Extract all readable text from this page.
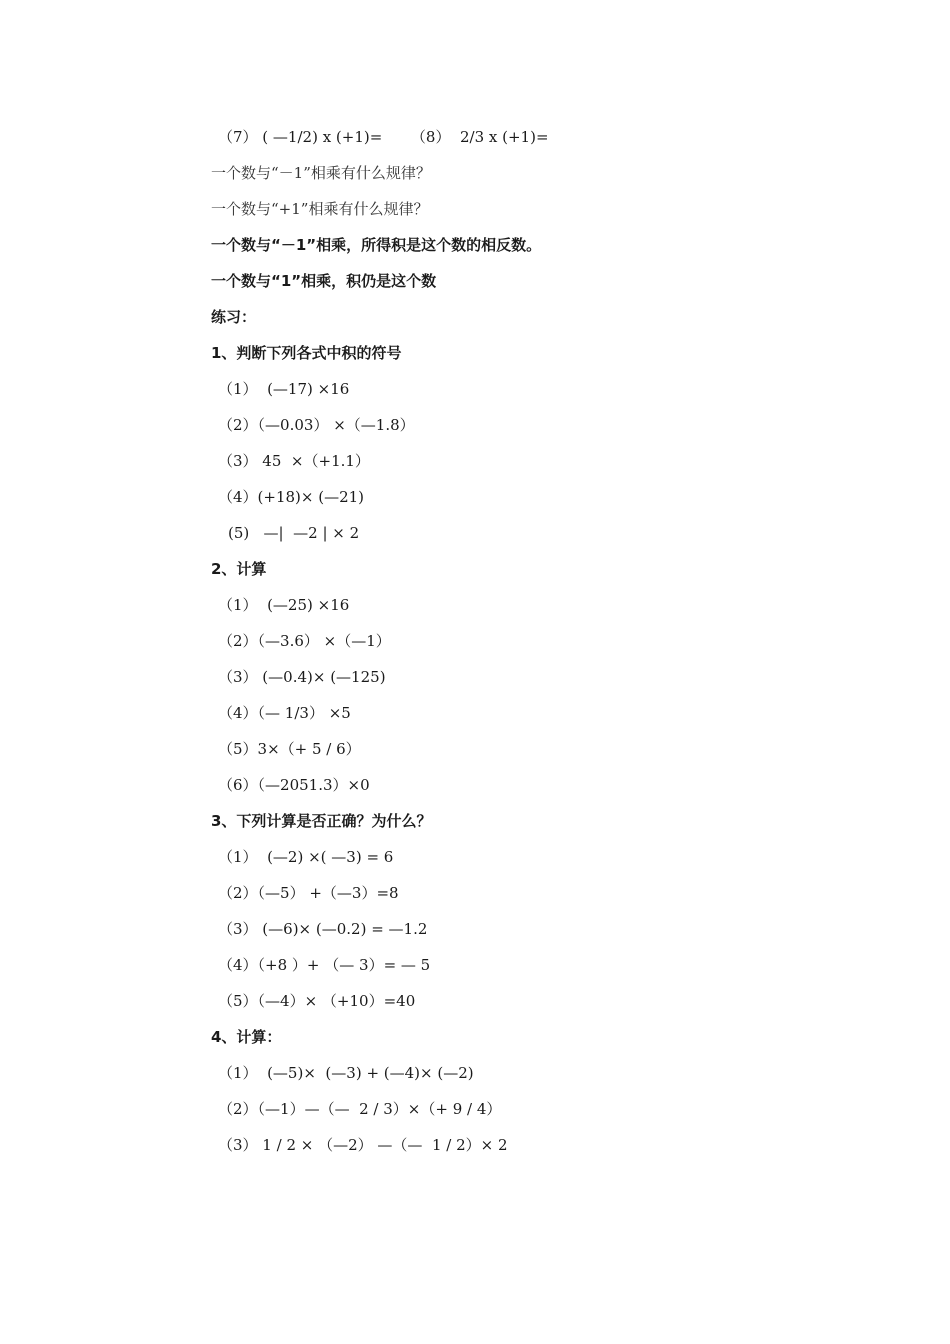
（7） ( —1/2) x (+1)=      （8）  2/3 x (+1)=
一个数与“－1”相乘有什么规律？
一个数与“+1”相乘有什么规律？
一个数与“－1”相乘，所得积是这个数的相反数。
一个数与“1”相乘，积仍是这个数
练习：
1、判断下列各式中积的符号
（1）  (—17) ×16
（2）（—0.03） ×（—1.8）
（3） 45  ×（+1.1）
（4）(+18)× (—21)
(5)   —|  —2 | × 2
2、计算
（1）  (—25) ×16
（2）（—3.6） ×（—1）
（3） (—0.4)× (—125)
（4）（— 1/3） ×5
（5）3×（+ 5 / 6）
（6）（—2051.3）×0
3、下列计算是否正确？为什么？
（1）  (—2) ×( —3) = 6
（2）（—5） +（—3）=8
（3） (—6)× (—0.2) = —1.2
（4）（+8 ）+ （— 3）= — 5
（5）（—4）× （+10）=40
4、计算：
（1）  (—5)×  (—3) + (—4)× (—2)
（2）（—1）—（—  2 / 3）×（+ 9 / 4）
（3） 1 / 2 × （—2） —（—  1 / 2）× 2
